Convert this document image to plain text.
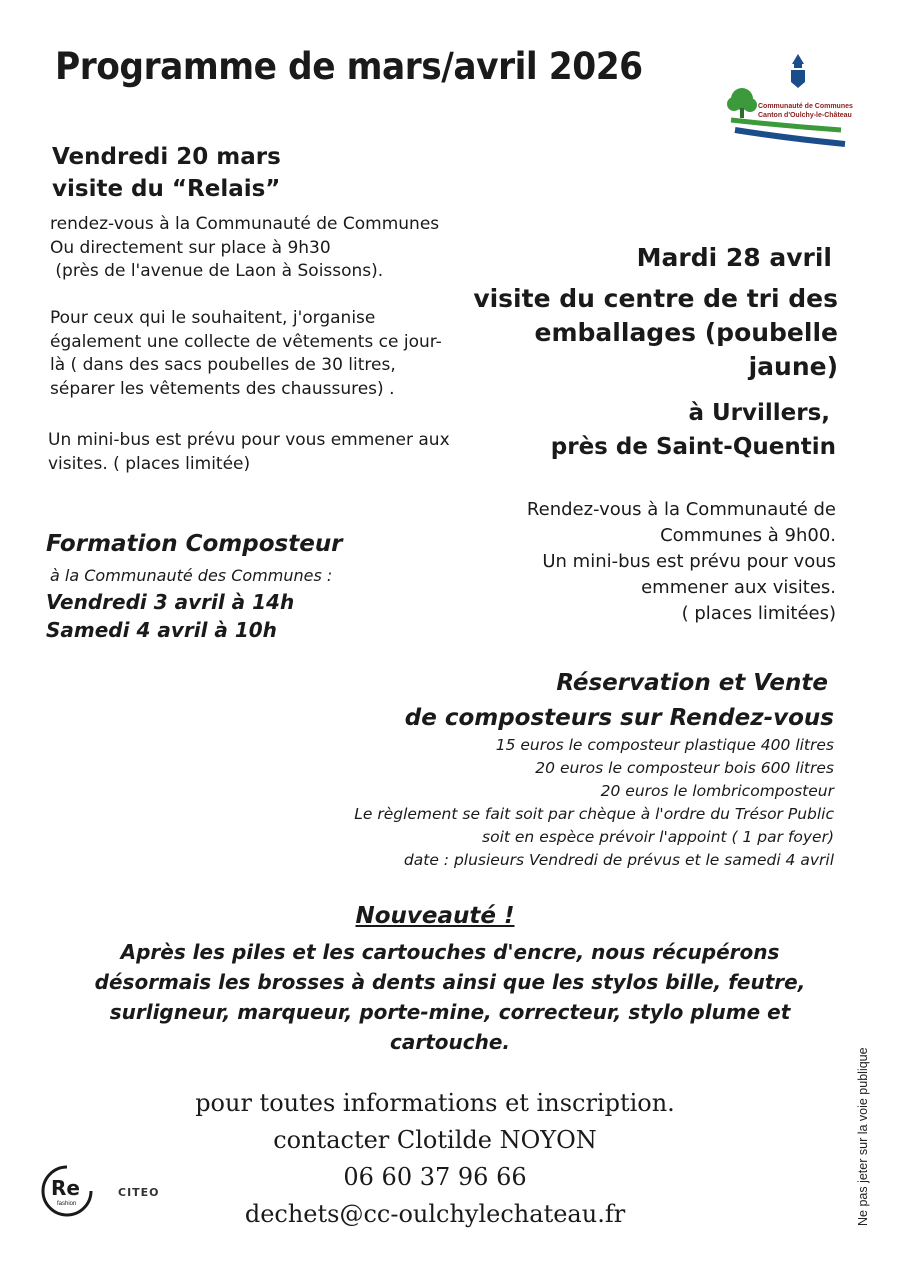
Programme de mars/avril 2026
Communauté de Communes
Canton d'Oulchy-le-Château
Vendredi 20 mars
visite du “Relais”
rendez-vous à la Communauté de Communes
Ou directement sur place à 9h30
(près de l'avenue de Laon à Soissons).
Pour ceux qui le souhaitent, j'organise
également une collecte de vêtements ce jour-
là ( dans des sacs poubelles de 30 litres,
séparer les vêtements des chaussures) .
Un mini-bus est prévu pour vous emmener aux
visites. ( places limitée)
Mardi 28 avril
visite du centre de tri des
emballages (poubelle
jaune)
à Urvillers,
près de Saint-Quentin
Rendez-vous à la Communauté de
Communes à 9h00.
Un mini-bus est prévu pour vous
emmener aux visites.
( places limitées)
Formation Composteur
à la Communauté des Communes :
Vendredi 3 avril à 14h
Samedi 4 avril à 10h
Réservation et Vente
de composteurs sur Rendez-vous
15 euros le composteur plastique 400 litres
20 euros le composteur bois 600 litres
20 euros le lombricomposteur
Le règlement se fait soit par chèque à l'ordre du Trésor Public
soit en espèce prévoir l'appoint ( 1 par foyer)
date : plusieurs Vendredi de prévus et le samedi 4 avril
Nouveauté !
Après les piles et les cartouches d'encre, nous récupérons
désormais les brosses à dents ainsi que les stylos bille, feutre,
surligneur, marqueur, porte-mine, correcteur, stylo plume et
cartouche.
pour toutes informations et inscription.
contacter Clotilde NOYON
06 60 37 96 66
dechets@cc-oulchylechateau.fr
Re
fashion
CITEO	Ne pas jeter sur la voie publique
